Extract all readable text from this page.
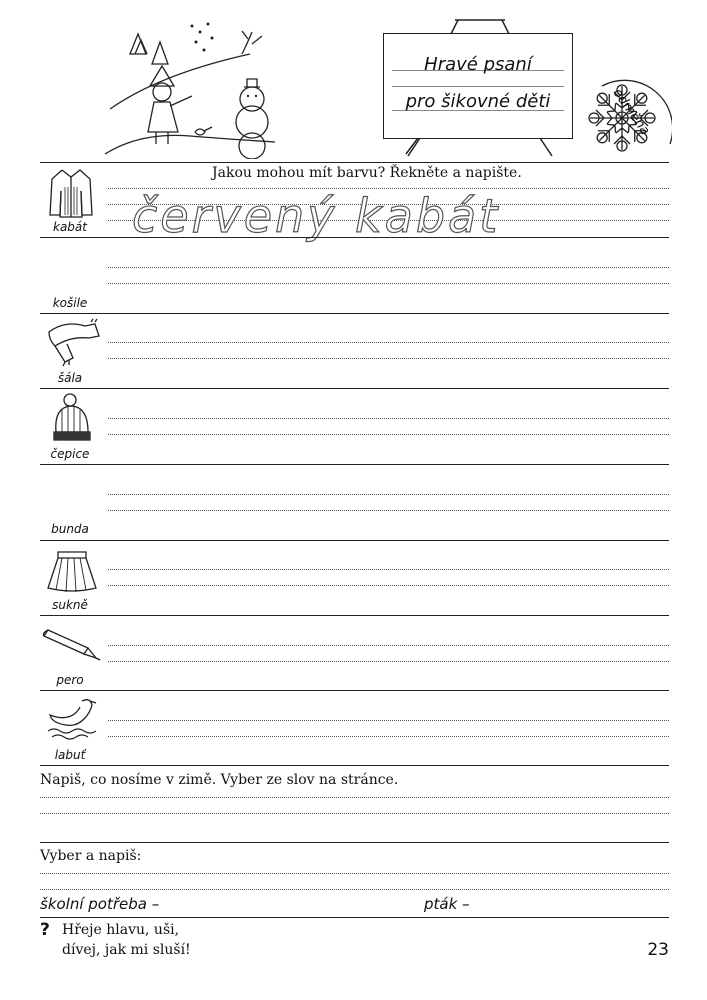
Hravé psaní
pro šikovné děti	odměna
Jakou mohou mít barvu? Řekněte a napište.
červený kabát
kabát
košile
šála
čepice
bunda
sukně
pero
labuť
Napiš, co nosíme v zimě. Vyber ze slov na stránce.
Vyber a napiš:
školní potřeba –	pták –
? Hřeje hlavu, uši,
dívej, jak mi sluší!	23
